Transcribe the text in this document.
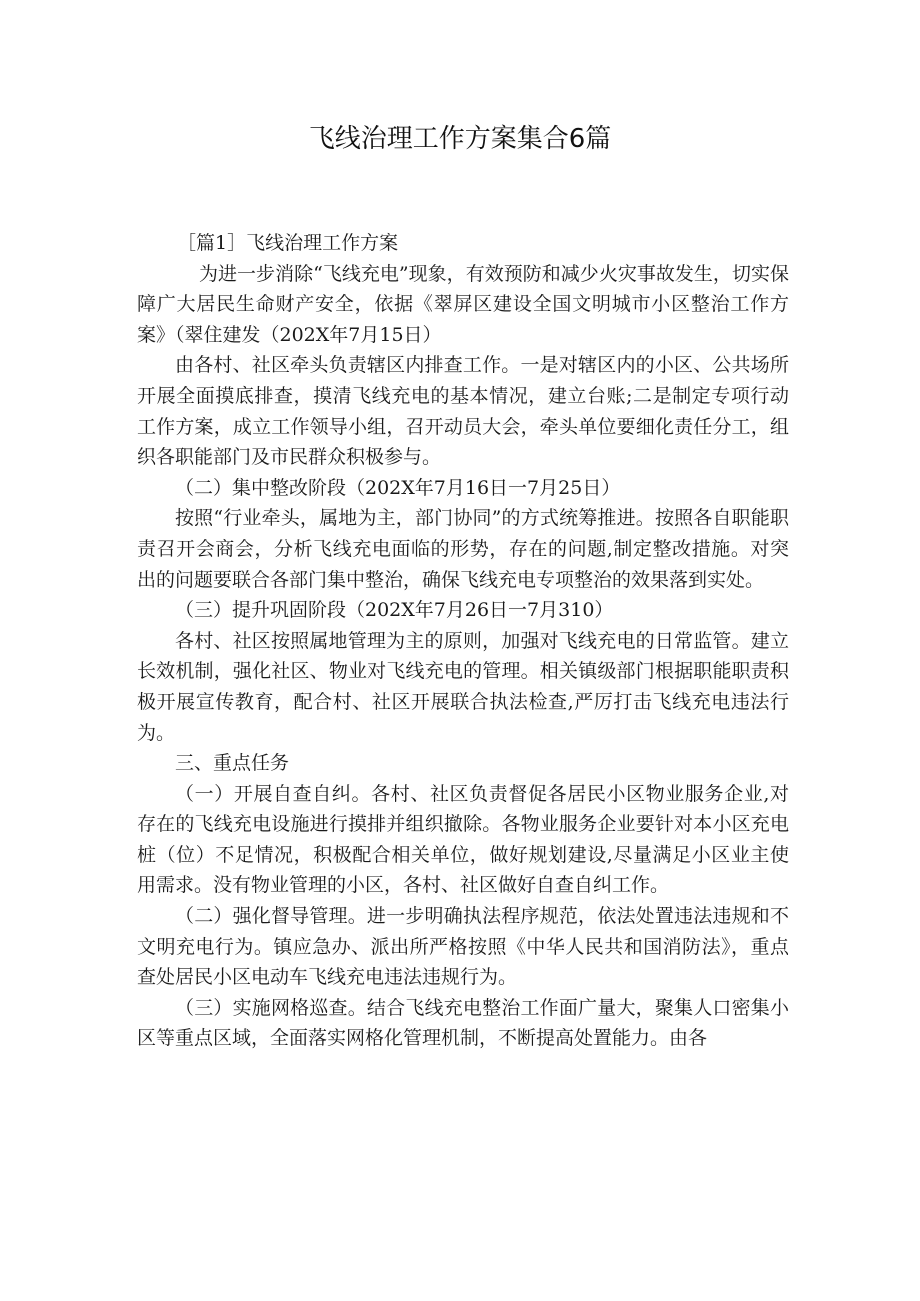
飞线治理工作方案集合6篇

［篇1］飞线治理工作方案

为进一步消除“飞线充电”现象，有效预防和减少火灾事故发生，切实保障广大居民生命财产安全，依据《翠屏区建设全国文明城市小区整治工作方案》（翠住建发（202X年7月15日）

由各村、社区牵头负责辖区内排查工作。一是对辖区内的小区、公共场所开展全面摸底排查，摸清飞线充电的基本情况，建立台账;二是制定专项行动工作方案，成立工作领导小组，召开动员大会，牵头单位要细化责任分工，组织各职能部门及市民群众积极参与。

（二）集中整改阶段（202X年7月16日一7月25日）

按照“行业牵头，属地为主，部门协同”的方式统筹推进。按照各自职能职责召开会商会，分析飞线充电面临的形势，存在的问题,制定整改措施。对突出的问题要联合各部门集中整治，确保飞线充电专项整治的效果落到实处。

（三）提升巩固阶段（202X年7月26日一7月310）

各村、社区按照属地管理为主的原则，加强对飞线充电的日常监管。建立长效机制，强化社区、物业对飞线充电的管理。相关镇级部门根据职能职责积极开展宣传教育，配合村、社区开展联合执法检查,严厉打击飞线充电违法行为。

三、重点任务

（一）开展自查自纠。各村、社区负责督促各居民小区物业服务企业,对存在的飞线充电设施进行摸排并组织撤除。各物业服务企业要针对本小区充电桩（位）不足情况，积极配合相关单位，做好规划建设,尽量满足小区业主使用需求。没有物业管理的小区，各村、社区做好自查自纠工作。

（二）强化督导管理。进一步明确执法程序规范，依法处置违法违规和不文明充电行为。镇应急办、派出所严格按照《中华人民共和国消防法》，重点查处居民小区电动车飞线充电违法违规行为。

（三）实施网格巡查。结合飞线充电整治工作面广量大，聚集人口密集小区等重点区域，全面落实网格化管理机制，不断提高处置能力。由各
